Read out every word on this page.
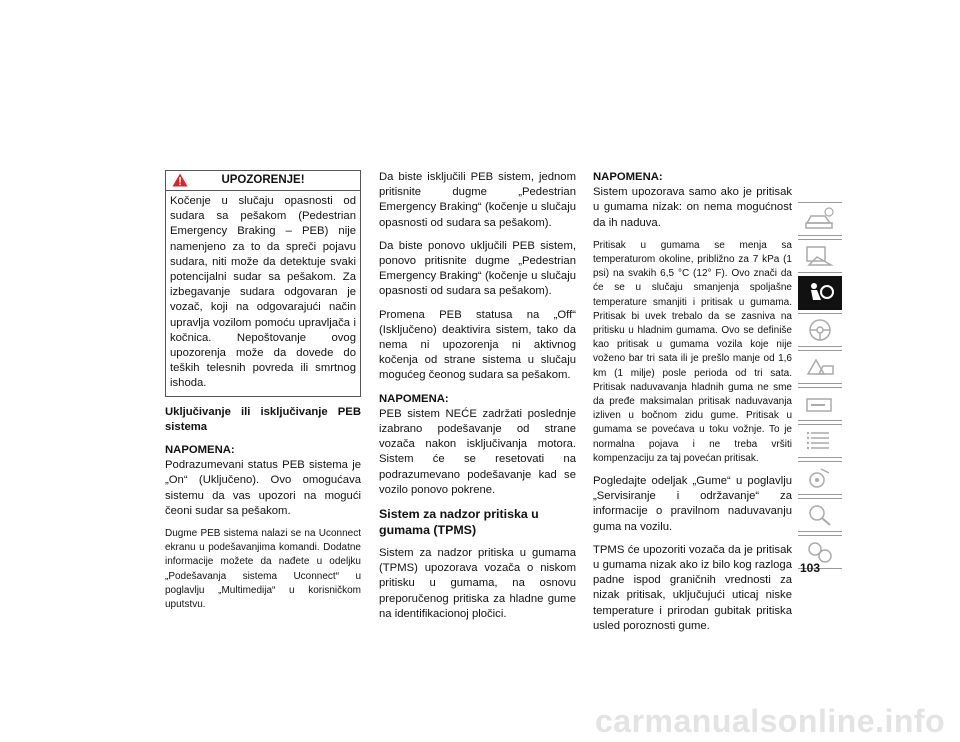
UPOZORENJE!

Kočenje u slučaju opasnosti od sudara sa pešakom (Pedestrian Emergency Braking – PEB) nije namenjeno za to da spreči pojavu sudara, niti može da detektuje svaki potencijalni sudar sa pešakom. Za izbegavanje sudara odgovaran je vozač, koji na odgovarajući način upravlja vozilom pomoću upravljača i kočnica. Nepoštovanje ovog upozorenja može da dovede do teških telesnih povreda ili smrtnog ishoda.

Uključivanje ili isključivanje PEB sistema

NAPOMENA:

Podrazumevani status PEB sistema je „On“ (Uključeno). Ovo omogućava sistemu da vas upozori na mogući čeoni sudar sa pešakom.

Dugme PEB sistema nalazi se na Uconnect ekranu u podešavanjima komandi. Dodatne informacije možete da nađete u odeljku „Podešavanja sistema Uconnect“ u poglavlju „Multimedija“ u korisničkom uputstvu.

Da biste isključili PEB sistem, jednom pritisnite dugme „Pedestrian Emergency Braking“ (kočenje u slučaju opasnosti od sudara sa pešakom).

Da biste ponovo uključili PEB sistem, ponovo pritisnite dugme „Pedestrian Emergency Braking“ (kočenje u slučaju opasnosti od sudara sa pešakom).

Promena PEB statusa na „Off“ (Isključeno) deaktivira sistem, tako da nema ni upozorenja ni aktivnog kočenja od strane sistema u slučaju mogućeg čeonog sudara sa pešakom.

NAPOMENA:

PEB sistem NEĆE zadržati poslednje izabrano podešavanje od strane vozača nakon isključivanja motora. Sistem će se resetovati na podrazumevano podešavanje kad se vozilo ponovo pokrene.

Sistem za nadzor pritiska u gumama (TPMS)

Sistem za nadzor pritiska u gumama (TPMS) upozorava vozača o niskom pritisku u gumama, na osnovu preporučenog pritiska za hladne gume na identifikacionoj pločici.

NAPOMENA:

Sistem upozorava samo ako je pritisak u gumama nizak: on nema mogućnost da ih naduva.

Pritisak u gumama se menja sa temperaturom okoline, približno za 7 kPa (1 psi) na svakih 6,5 °C (12° F). Ovo znači da će se u slučaju smanjenja spoljašne temperature smanjiti i pritisak u gumama. Pritisak bi uvek trebalo da se zasniva na pritisku u hladnim gumama. Ovo se definiše kao pritisak u gumama vozila koje nije voženo bar tri sata ili je prešlo manje od 1,6 km (1 milje) posle perioda od tri sata. Pritisak naduvavanja hladnih guma ne sme da pređe maksimalan pritisak naduvavanja izliven u bočnom zidu gume. Pritisak u gumama se povećava u toku vožnje. To je normalna pojava i ne treba vršiti kompenzaciju za taj povećan pritisak.

Pogledajte odeljak „Gume“ u poglavlju „Servisiranje i održavanje“ za informacije o pravilnom naduvavanju guma na vozilu.

TPMS će upozoriti vozača da je pritisak u gumama nizak ako iz bilo kog razloga padne ispod graničnih vrednosti za nizak pritisak, uključujući uticaj niske temperature i prirodan gubitak pritiska usled poroznosti gume.

103
carmanualsonline.info
